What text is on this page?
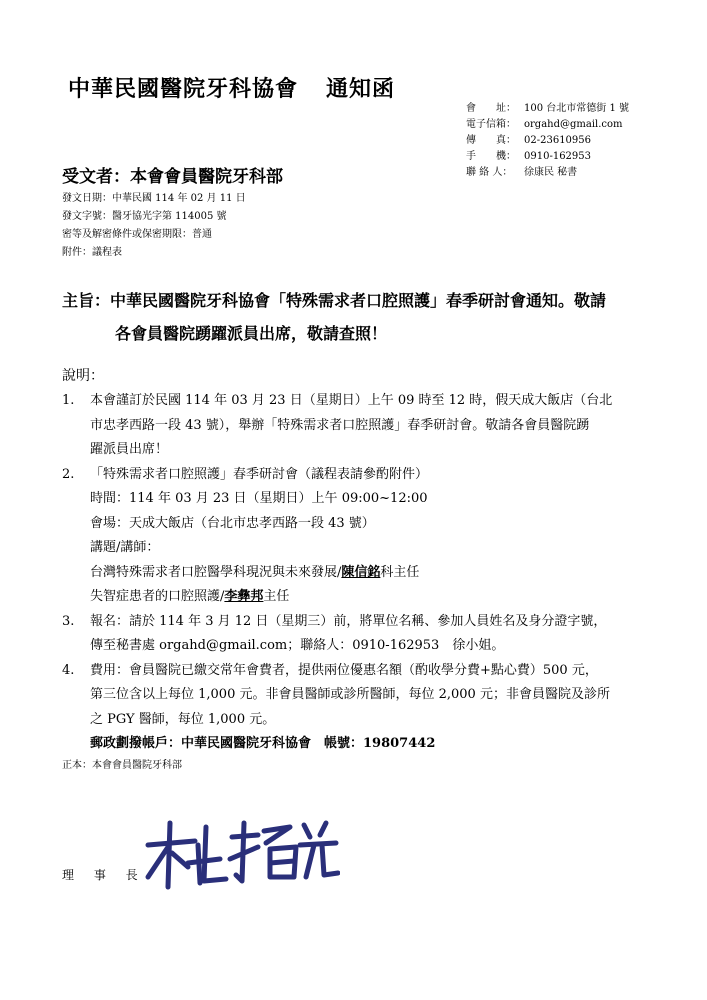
中華民國醫院牙科協會 通知函
會　　址： 100 台北市常德街 1 號
電子信箱： orgahd@gmail.com
傳　　真： 02-23610956
手　　機： 0910-162953
聯 絡 人：	徐康民 秘書
受文者：本會會員醫院牙科部
發文日期：中華民國 114 年 02 月 11 日
發文字號：醫牙協光字第 114005 號
密等及解密條件或保密期限：普通
附件：議程表
主旨：中華民國醫院牙科協會「特殊需求者口腔照護」春季研討會通知。敬請
各會員醫院踴躍派員出席，敬請查照！
說明：
1. 本會謹訂於民國 114 年 03 月 23 日（星期日）上午 09 時至 12 時，假天成大飯店（台北
市忠孝西路一段 43 號），舉辦「特殊需求者口腔照護」春季研討會。敬請各會員醫院踴
躍派員出席！
2. 「特殊需求者口腔照護」春季研討會（議程表請參酌附件）
時間：114 年 03 月 23 日（星期日）上午 09:00~12:00
會場：天成大飯店（台北市忠孝西路一段 43 號）
講題/講師：
台灣特殊需求者口腔醫學科現況與未來發展/陳信銘科主任
失智症患者的口腔照護/李彝邦主任
3. 報名：請於 114 年 3 月 12 日（星期三）前，將單位名稱、參加人員姓名及身分證字號，
傳至秘書處 orgahd@gmail.com；聯絡人：0910-162953　徐小姐。
4. 費用：會員醫院已繳交常年會費者，提供兩位優惠名額（酌收學分費+點心費）500 元，
第三位含以上每位 1,000 元。非會員醫師或診所醫師，每位 2,000 元；非會員醫院及診所
之 PGY 醫師，每位 1,000 元。
郵政劃撥帳戶：中華民國醫院牙科協會　帳號：19807442
正本：本會會員醫院牙科部
理 事 長
